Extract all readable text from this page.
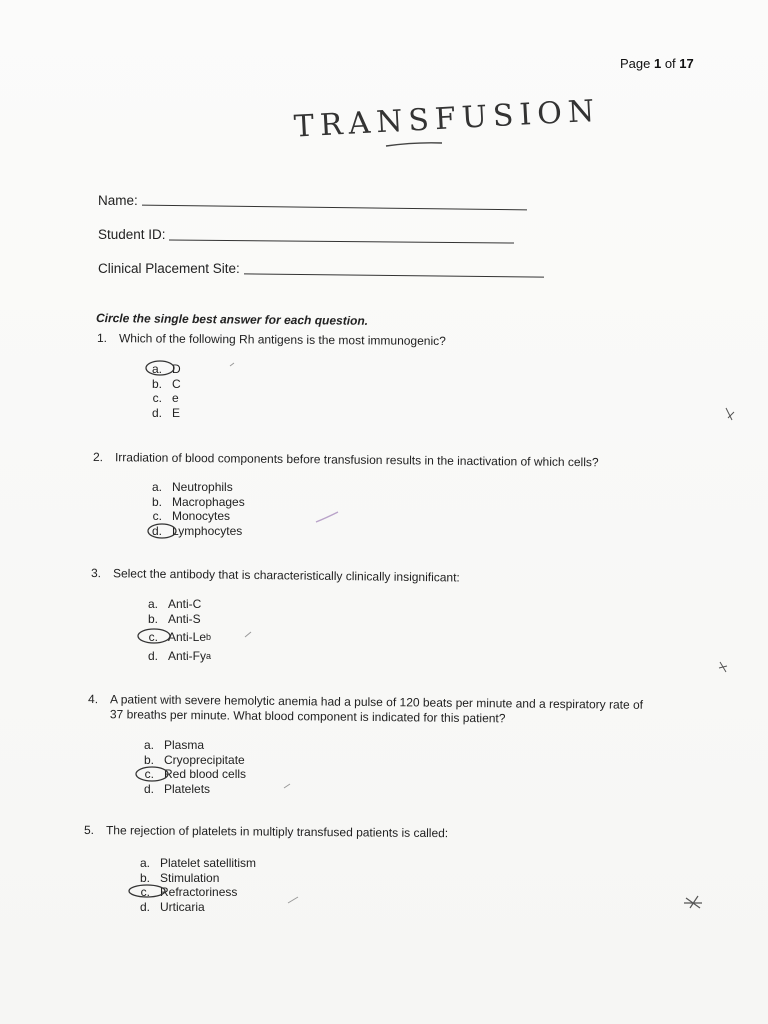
Page 1 of 17
TRANSFUSION
Name:
Student ID:
Clinical Placement Site:
Circle the single best answer for each question.
1. Which of the following Rh antigens is the most immunogenic?
a. D
b. C
c. e
d. E
2. Irradiation of blood components before transfusion results in the inactivation of which cells?
a. Neutrophils
b. Macrophages
c. Monocytes
d. Lymphocytes
3. Select the antibody that is characteristically clinically insignificant:
a. Anti-C
b. Anti-S
c. Anti-Le b
d. Anti-Fy a
4. A patient with severe hemolytic anemia had a pulse of 120 beats per minute and a respiratory rate of
37 breaths per minute. What blood component is indicated for this patient?
a. Plasma
b. Cryoprecipitate
c. Red blood cells
d. Platelets
5. The rejection of platelets in multiply transfused patients is called:
a. Platelet satellitism
b. Stimulation
c. Refractoriness
d. Urticaria
